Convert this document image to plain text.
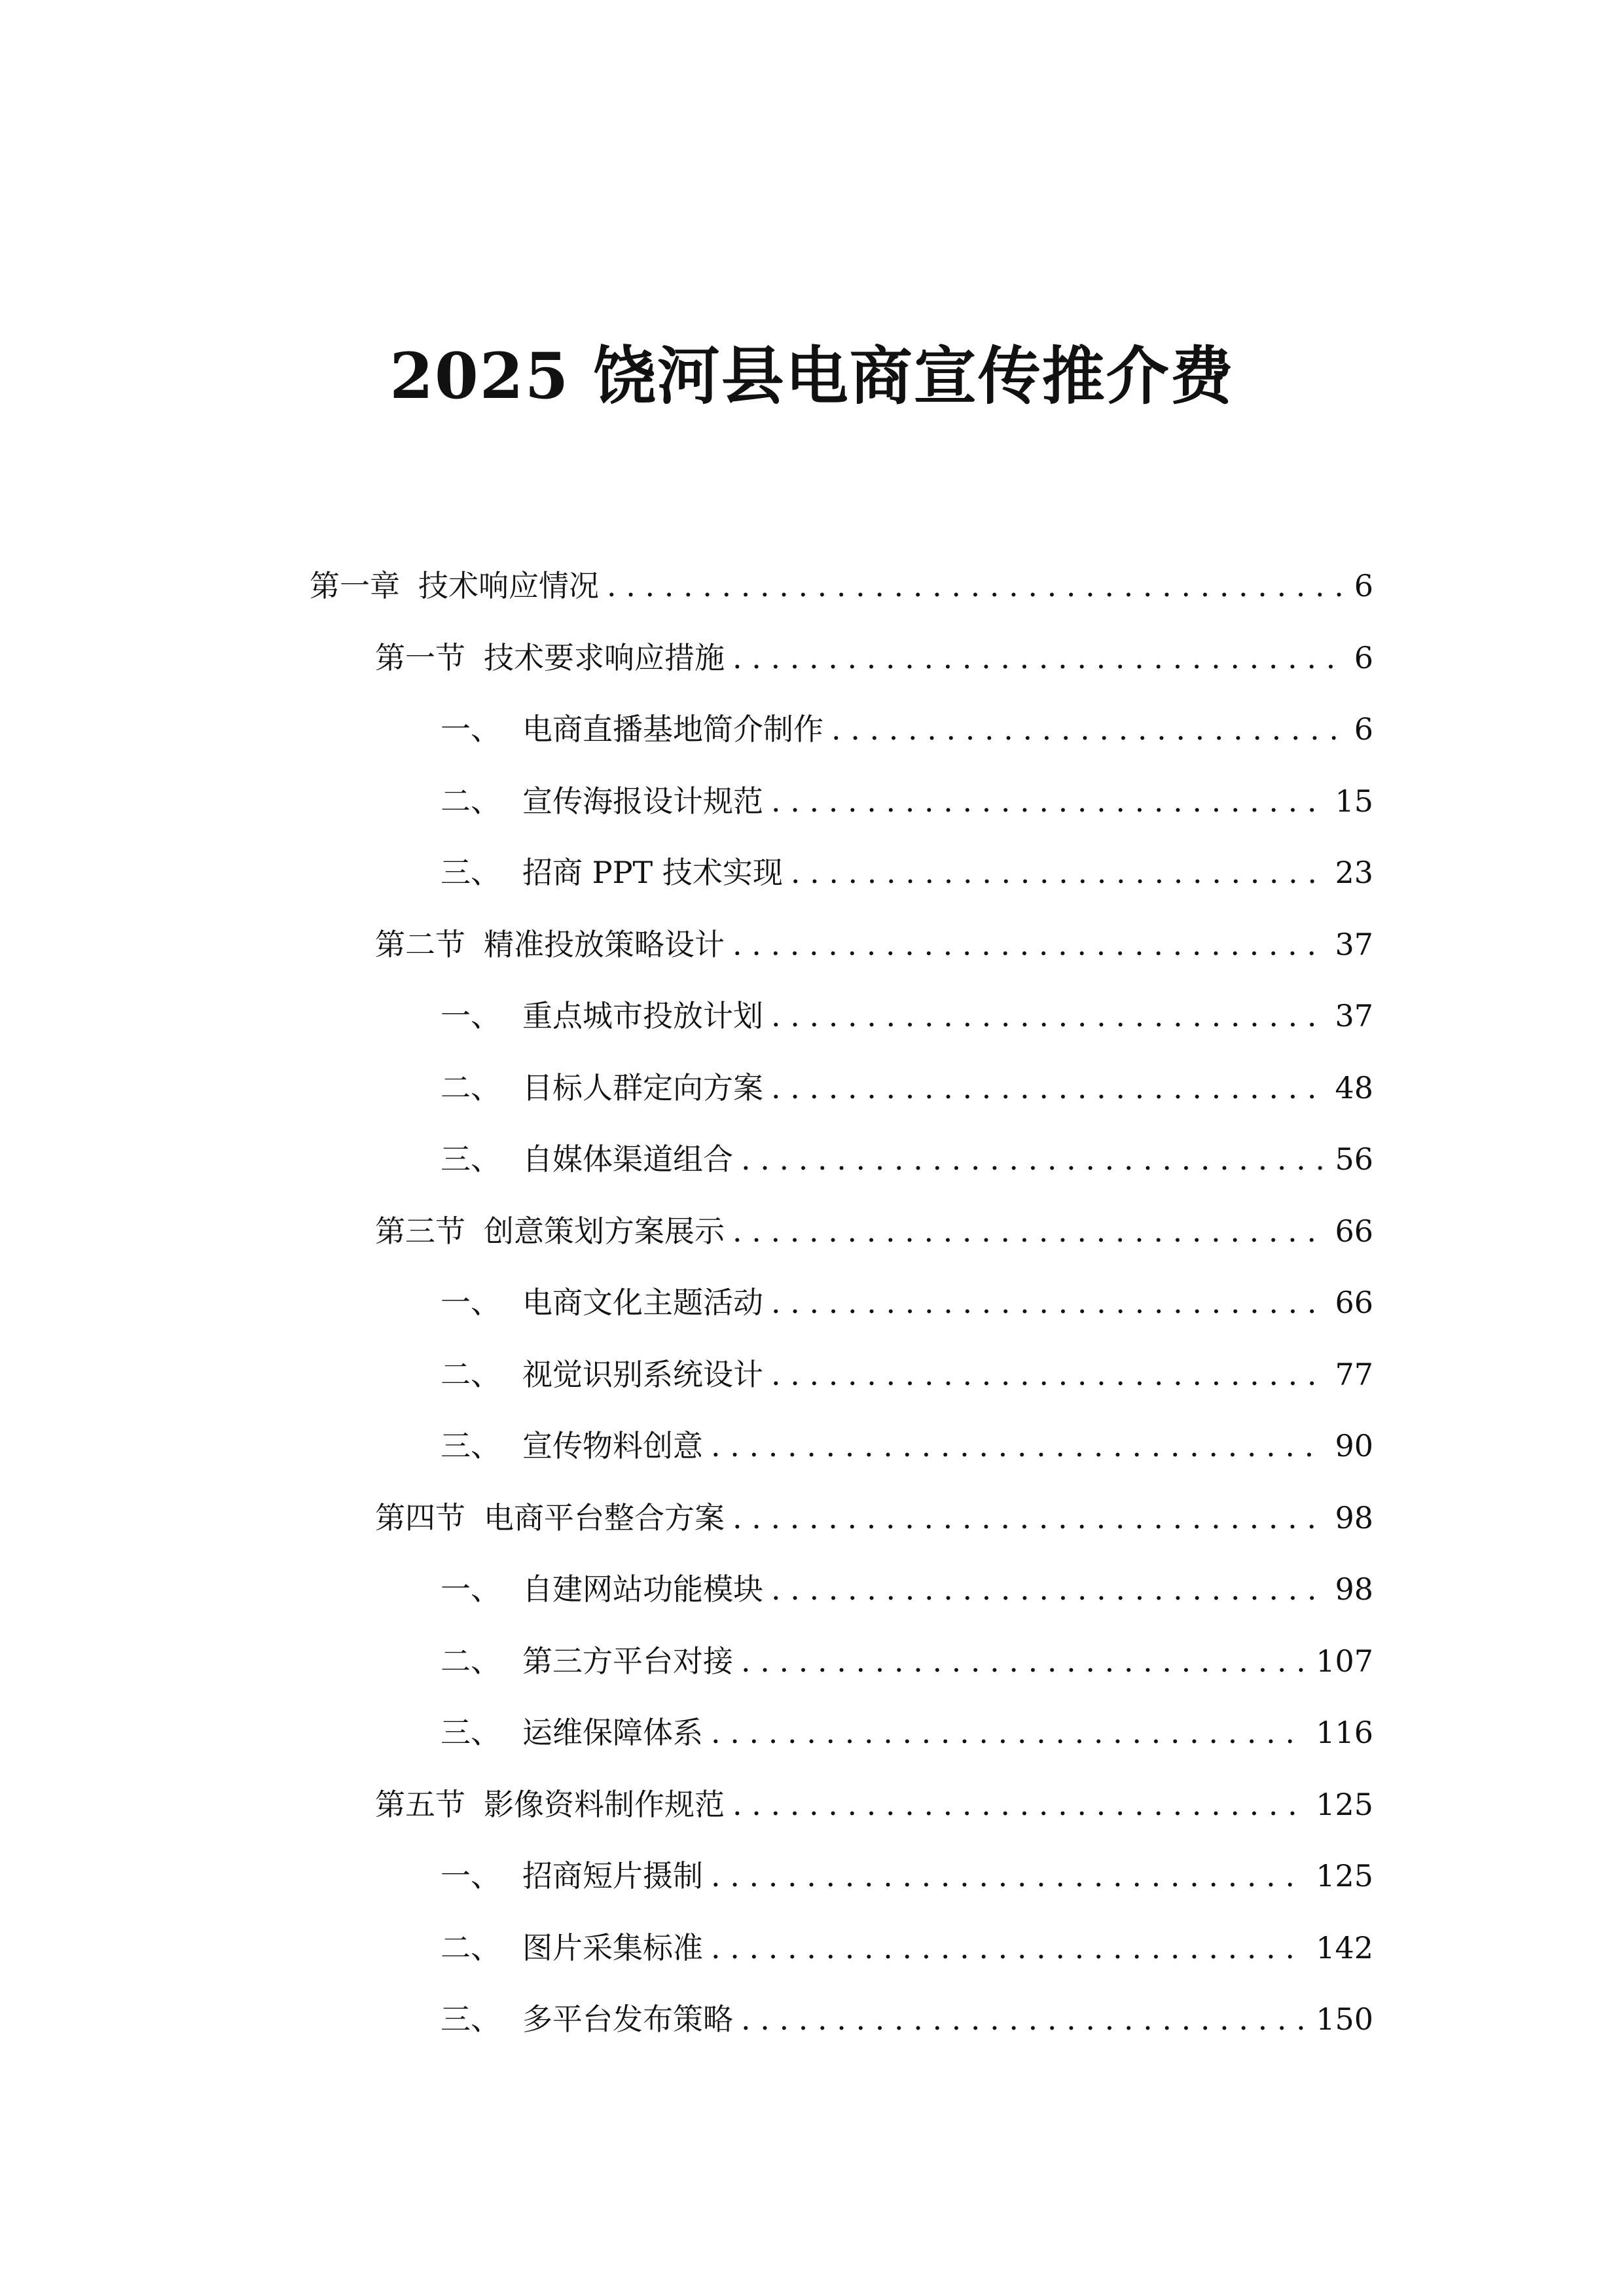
2025 饶河县电商宣传推介费
第一章 技术响应情况 . . .	6
第一节 技术要求响应措施 . . .	6
一、 电商直播基地简介制作 . . .	6
二、 宣传海报设计规范 . . .	15
三、 招商 PPT 技术实现 . . .	23
第二节 精准投放策略设计 . . .	37
一、 重点城市投放计划 . . .	37
二、 目标人群定向方案 . . .	48
三、 自媒体渠道组合 . . .	56
第三节 创意策划方案展示 . . .	66
一、 电商文化主题活动 . . .	66
二、 视觉识别系统设计 . . .	77
三、 宣传物料创意 . . .	90
第四节 电商平台整合方案 . . .	98
一、 自建网站功能模块 . . .	98
二、 第三方平台对接 . . .	107
三、 运维保障体系 . . .	116
第五节 影像资料制作规范 . . .	125
一、 招商短片摄制 . . .	125
二、 图片采集标准 . . .	142
三、 多平台发布策略 . . .	150
